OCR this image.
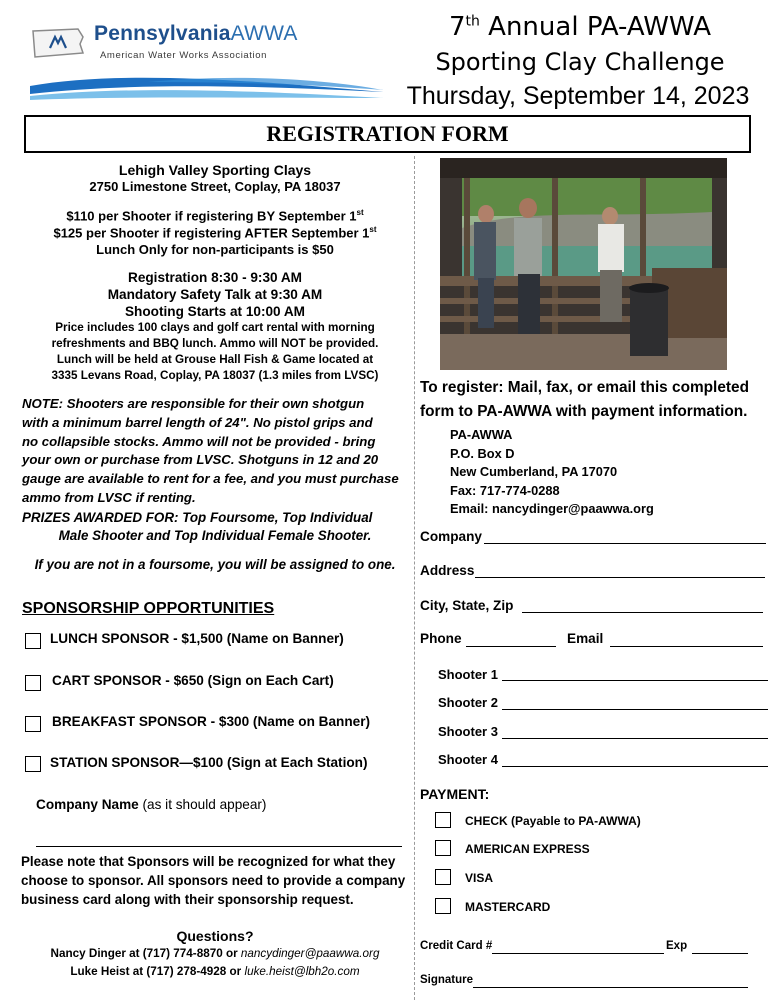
PennsylvaniaAWWA
American Water Works Association
7th Annual PA-AWWA
Sporting Clay Challenge
Thursday, September 14, 2023
REGISTRATION FORM
Lehigh Valley Sporting Clays
2750 Limestone Street, Coplay, PA 18037
$110 per Shooter if registering BY September 1st
$125 per Shooter if registering AFTER September 1st
Lunch Only for non-participants is $50
Registration 8:30 - 9:30 AM
Mandatory Safety Talk at 9:30 AM
Shooting Starts at 10:00 AM
Price includes 100 clays and golf cart rental with morning
refreshments and BBQ lunch. Ammo will NOT be provided.
Lunch will be held at Grouse Hall Fish & Game located at
3335 Levans Road, Coplay, PA 18037 (1.3 miles from LVSC)
NOTE: Shooters are responsible for their own shotgun
with a minimum barrel length of 24". No pistol grips and
no collapsible stocks. Ammo will not be provided - bring
your own or purchase from LVSC. Shotguns in 12 and 20
gauge are available to rent for a fee, and you must purchase
ammo from LVSC if renting.
PRIZES AWARDED FOR: Top Foursome, Top Individual
Male Shooter and Top Individual Female Shooter.
If you are not in a foursome, you will be assigned to one.
SPONSORSHIP OPPORTUNITIES
LUNCH SPONSOR - $1,500 (Name on Banner)
CART SPONSOR - $650 (Sign on Each Cart)
BREAKFAST SPONSOR - $300 (Name on Banner)
STATION SPONSOR—$100 (Sign at Each Station)
Company Name (as it should appear)
Please note that Sponsors will be recognized for what they
choose to sponsor. All sponsors need to provide a company
business card along with their sponsorship request.
Questions?
Nancy Dinger at (717) 774-8870 or nancydinger@paawwa.org
Luke Heist at (717) 278-4928 or luke.heist@lbh2o.com
To register: Mail, fax, or email this completed
form to PA-AWWA with payment information.
PA-AWWA
P.O. Box D
New Cumberland, PA 17070
Fax: 717-774-0288
Email: nancydinger@paawwa.org
Company
Address
City, State, Zip
Phone	Email
Shooter 1
Shooter 2
Shooter 3
Shooter 4
PAYMENT:
CHECK (Payable to PA-AWWA)
AMERICAN EXPRESS
VISA
MASTERCARD
Credit Card #	Exp
Signature
